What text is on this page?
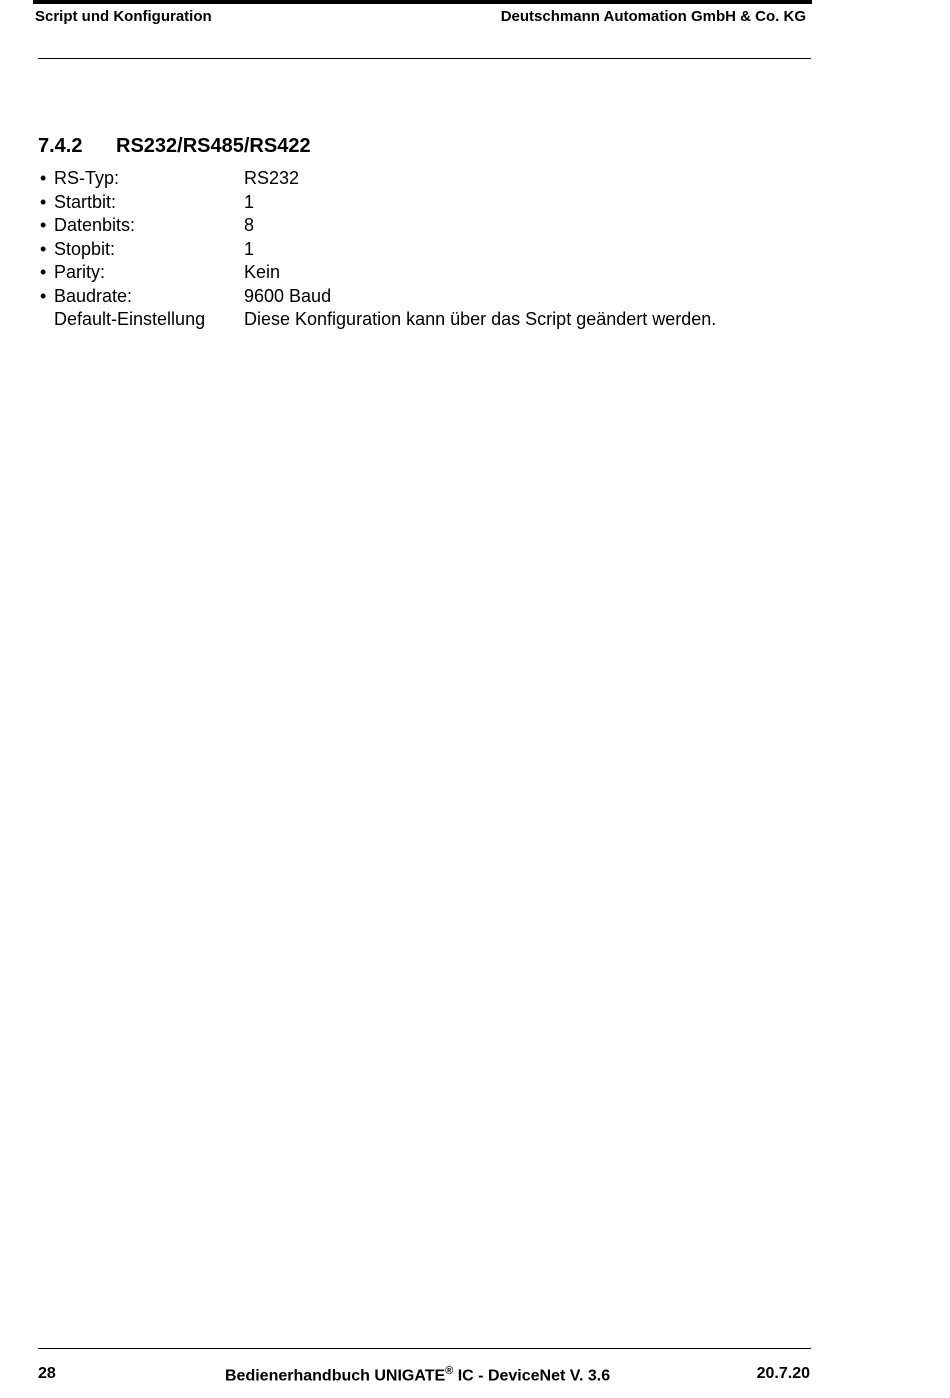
Script und Konfiguration	Deutschmann Automation GmbH & Co. KG
7.4.2 RS232/RS485/RS422
• RS-Typ:	RS232
• Startbit:	1
• Datenbits:	8
• Stopbit:	1
• Parity:	Kein
• Baudrate:	9600 Baud
Default-Einstellung	Diese Konfiguration kann über das Script geändert werden.
28	Bedienerhandbuch UNIGATE® IC - DeviceNet V. 3.6	20.7.20
